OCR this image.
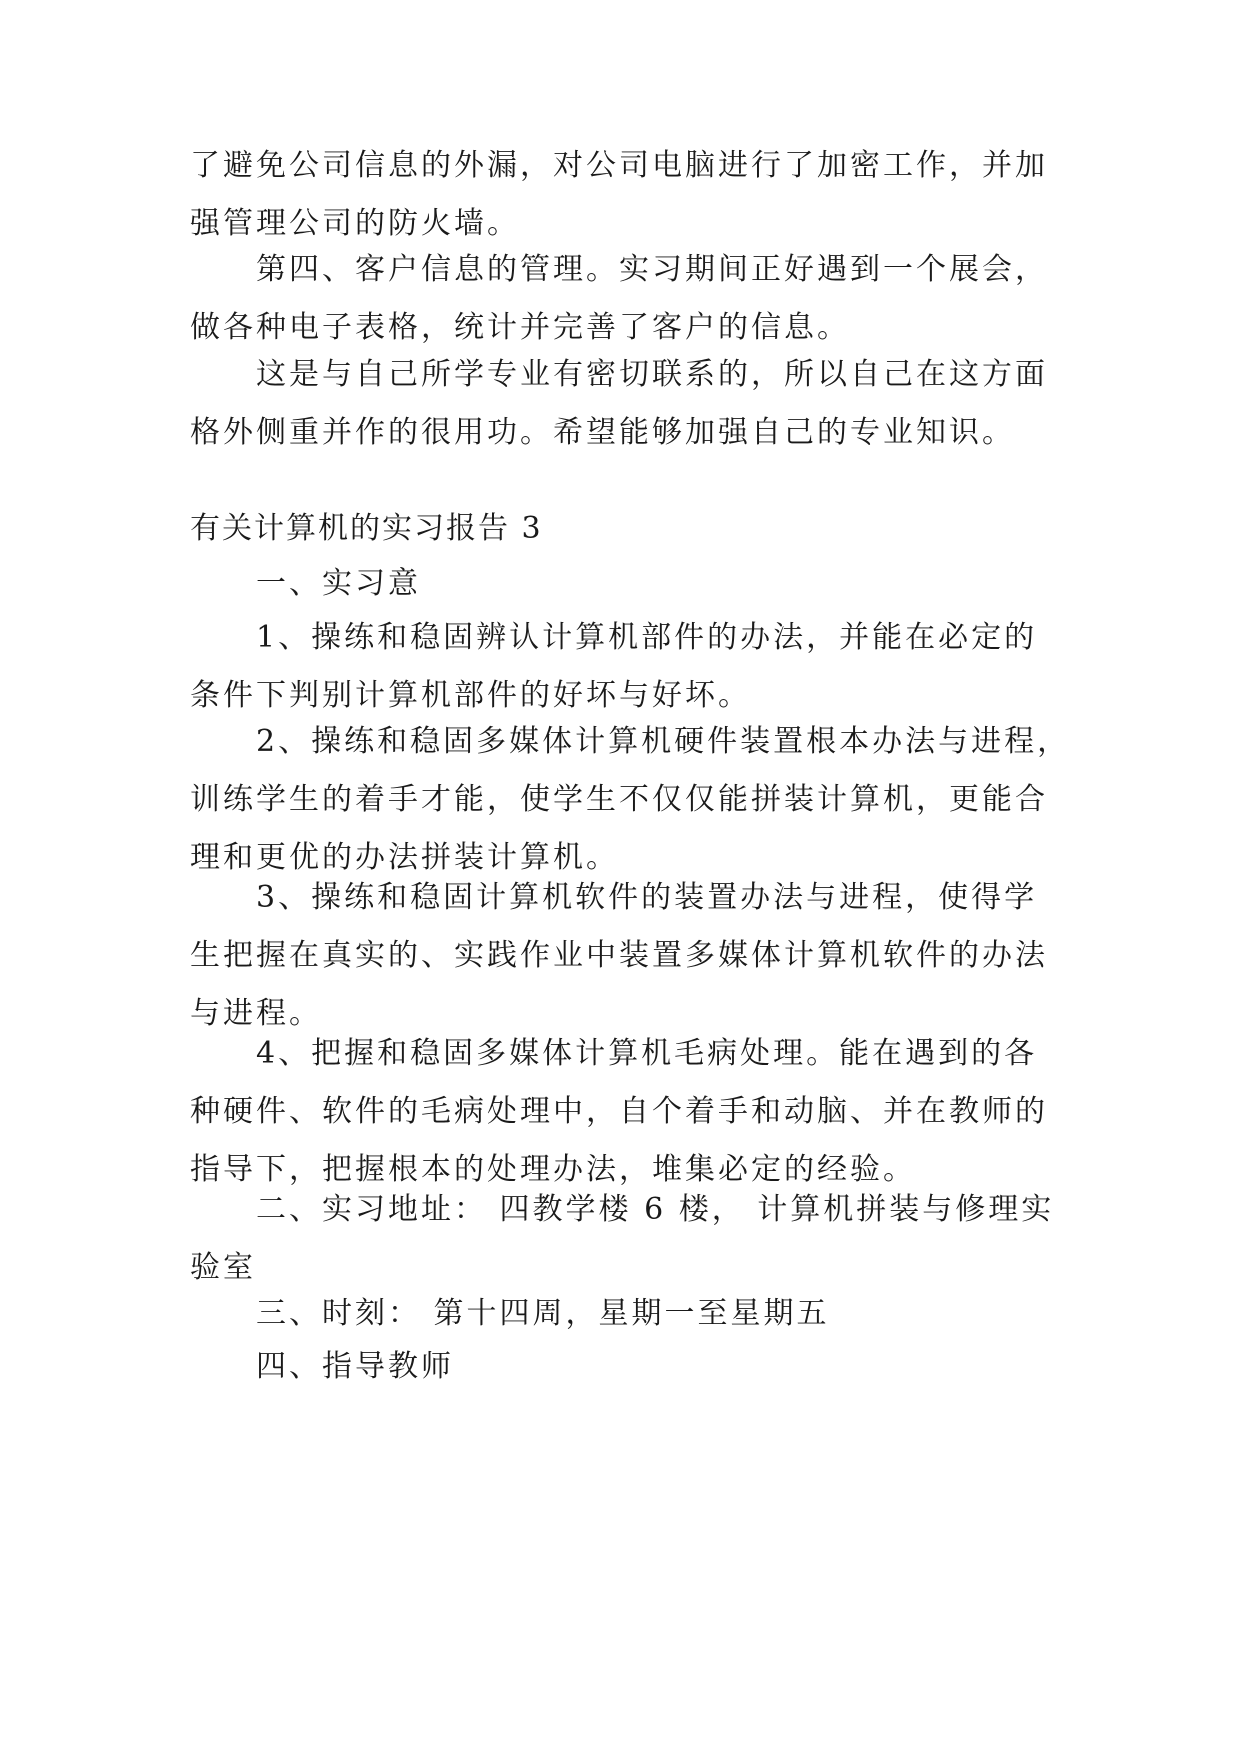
了避免公司信息的外漏，对公司电脑进行了加密工作，并加
强管理公司的防火墙。
第四、客户信息的管理。实习期间正好遇到一个展会，
做各种电子表格，统计并完善了客户的信息。
这是与自己所学专业有密切联系的，所以自己在这方面
格外侧重并作的很用功。希望能够加强自己的专业知识。
有关计算机的实习报告 3
一、实习意
1、操练和稳固辨认计算机部件的办法，并能在必定的
条件下判别计算机部件的好坏与好坏。
2、操练和稳固多媒体计算机硬件装置根本办法与进程，
训练学生的着手才能，使学生不仅仅能拼装计算机，更能合
理和更优的办法拼装计算机。
3、操练和稳固计算机软件的装置办法与进程，使得学
生把握在真实的、实践作业中装置多媒体计算机软件的办法
与进程。
4、把握和稳固多媒体计算机毛病处理。能在遇到的各
种硬件、软件的毛病处理中，自个着手和动脑、并在教师的
指导下，把握根本的处理办法，堆集必定的经验。
二、实习地址： 四教学楼 6 楼， 计算机拼装与修理实
验室
三、时刻： 第十四周，星期一至星期五
四、指导教师
